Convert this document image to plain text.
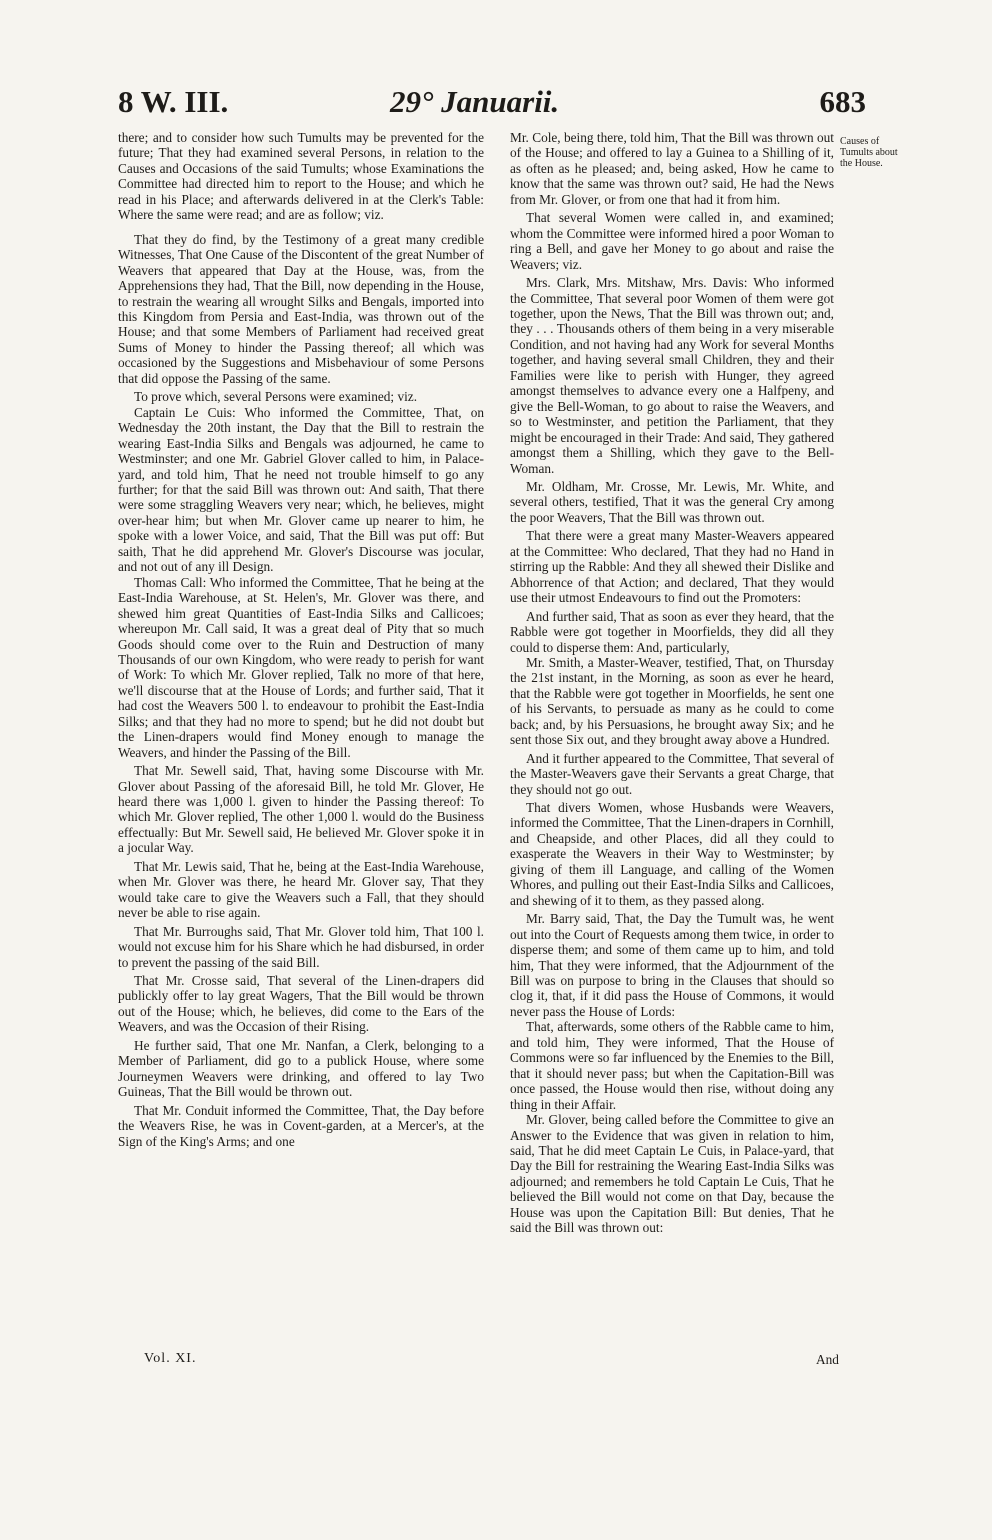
8 W. III.	29° Januarii.	683

there; and to consider how such Tumults may be prevented for the future; That they had examined several Persons, in relation to the Causes and Occasions of the said Tumults; whose Examinations the Committee had directed him to report to the House; and which he read in his Place; and afterwards delivered in at the Clerk's Table: Where the same were read; and are as follow; viz.

That they do find, by the Testimony of a great many credible Witnesses, That One Cause of the Discontent of the great Number of Weavers that appeared that Day at the House, was, from the Apprehensions they had, That the Bill, now depending in the House, to restrain the wearing all wrought Silks and Bengals, imported into this Kingdom from Persia and East-India, was thrown out of the House; and that some Members of Parliament had received great Sums of Money to hinder the Passing thereof; all which was occasioned by the Suggestions and Misbehaviour of some Persons that did oppose the Passing of the same.

To prove which, several Persons were examined; viz.

Captain Le Cuis: Who informed the Committee, That, on Wednesday the 20th instant, the Day that the Bill to restrain the wearing East-India Silks and Bengals was adjourned, he came to Westminster; and one Mr. Gabriel Glover called to him, in Palace-yard, and told him, That he need not trouble himself to go any further; for that the said Bill was thrown out: And saith, That there were some straggling Weavers very near; which, he believes, might over-hear him; but when Mr. Glover came up nearer to him, he spoke with a lower Voice, and said, That the Bill was put off: But saith, That he did apprehend Mr. Glover's Discourse was jocular, and not out of any ill Design.

Thomas Call: Who informed the Committee, That he being at the East-India Warehouse, at St. Helen's, Mr. Glover was there, and shewed him great Quantities of East-India Silks and Callicoes; whereupon Mr. Call said, It was a great deal of Pity that so much Goods should come over to the Ruin and Destruction of many Thousands of our own Kingdom, who were ready to perish for want of Work: To which Mr. Glover replied, Talk no more of that here, we'll discourse that at the House of Lords; and further said, That it had cost the Weavers 500 l. to endeavour to prohibit the East-India Silks; and that they had no more to spend; but he did not doubt but the Linen-drapers would find Money enough to manage the Weavers, and hinder the Passing of the Bill.

That Mr. Sewell said, That, having some Discourse with Mr. Glover about Passing of the aforesaid Bill, he told Mr. Glover, He heard there was 1,000 l. given to hinder the Passing thereof: To which Mr. Glover replied, The other 1,000 l. would do the Business effectually: But Mr. Sewell said, He believed Mr. Glover spoke it in a jocular Way.

That Mr. Lewis said, That he, being at the East-India Warehouse, when Mr. Glover was there, he heard Mr. Glover say, That they would take care to give the Weavers such a Fall, that they should never be able to rise again.

That Mr. Burroughs said, That Mr. Glover told him, That 100 l. would not excuse him for his Share which he had disbursed, in order to prevent the passing of the said Bill.

That Mr. Crosse said, That several of the Linen-drapers did publickly offer to lay great Wagers, That the Bill would be thrown out of the House; which, he believes, did come to the Ears of the Weavers, and was the Occasion of their Rising.

He further said, That one Mr. Nanfan, a Clerk, belonging to a Member of Parliament, did go to a publick House, where some Journeymen Weavers were drinking, and offered to lay Two Guineas, That the Bill would be thrown out.

That Mr. Conduit informed the Committee, That, the Day before the Weavers Rise, he was in Covent-garden, at a Mercer's, at the Sign of the King's Arms; and one

Mr. Cole, being there, told him, That the Bill was thrown out of the House; and offered to lay a Guinea to a Shilling of it, as often as he pleased; and, being asked, How he came to know that the same was thrown out? said, He had the News from Mr. Glover, or from one that had it from him.

That several Women were called in, and examined; whom the Committee were informed hired a poor Woman to ring a Bell, and gave her Money to go about and raise the Weavers; viz.

Mrs. Clark, Mrs. Mitshaw, Mrs. Davis: Who informed the Committee, That several poor Women of them were got together, upon the News, That the Bill was thrown out; and, they . . . Thousands others of them being in a very miserable Condition, and not having had any Work for several Months together, and having several small Children, they and their Families were like to perish with Hunger, they agreed amongst themselves to advance every one a Halfpeny, and give the Bell-Woman, to go about to raise the Weavers, and so to Westminster, and petition the Parliament, that they might be encouraged in their Trade: And said, They gathered amongst them a Shilling, which they gave to the Bell-Woman.

Mr. Oldham, Mr. Crosse, Mr. Lewis, Mr. White, and several others, testified, That it was the general Cry among the poor Weavers, That the Bill was thrown out.

That there were a great many Master-Weavers appeared at the Committee: Who declared, That they had no Hand in stirring up the Rabble: And they all shewed their Dislike and Abhorrence of that Action; and declared, That they would use their utmost Endeavours to find out the Promoters:

And further said, That as soon as ever they heard, that the Rabble were got together in Moorfields, they did all they could to disperse them: And, particularly,

Mr. Smith, a Master-Weaver, testified, That, on Thursday the 21st instant, in the Morning, as soon as ever he heard, that the Rabble were got together in Moorfields, he sent one of his Servants, to persuade as many as he could to come back; and, by his Persuasions, he brought away Six; and he sent those Six out, and they brought away above a Hundred.

And it further appeared to the Committee, That several of the Master-Weavers gave their Servants a great Charge, that they should not go out.

That divers Women, whose Husbands were Weavers, informed the Committee, That the Linen-drapers in Cornhill, and Cheapside, and other Places, did all they could to exasperate the Weavers in their Way to Westminster; by giving of them ill Language, and calling of the Women Whores, and pulling out their East-India Silks and Callicoes, and shewing of it to them, as they passed along.

Mr. Barry said, That, the Day the Tumult was, he went out into the Court of Requests among them twice, in order to disperse them; and some of them came up to him, and told him, That they were informed, that the Adjournment of the Bill was on purpose to bring in the Clauses that should so clog it, that, if it did pass the House of Commons, it would never pass the House of Lords:

That, afterwards, some others of the Rabble came to him, and told him, They were informed, That the House of Commons were so far influenced by the Enemies to the Bill, that it should never pass; but when the Capitation-Bill was once passed, the House would then rise, without doing any thing in their Affair.

Mr. Glover, being called before the Committee to give an Answer to the Evidence that was given in relation to him, said, That he did meet Captain Le Cuis, in Palace-yard, that Day the Bill for restraining the Wearing East-India Silks was adjourned; and remembers he told Captain Le Cuis, That he believed the Bill would not come on that Day, because the House was upon the Capitation Bill: But denies, That he said the Bill was thrown out:

Causes of Tumults about the House.
Vol. XI.	And
